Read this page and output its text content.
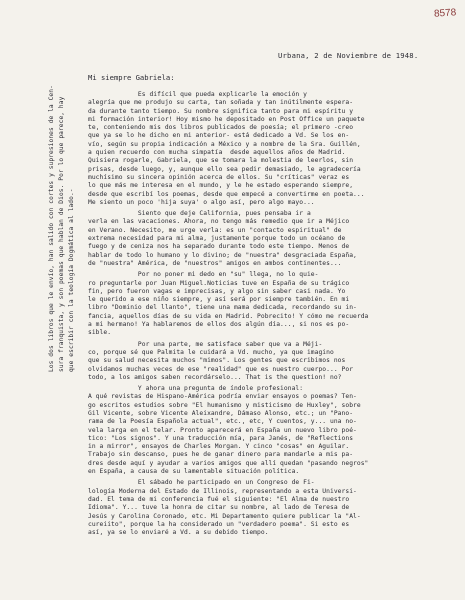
8578
Urbana, 2 de Noviembre de 1948.
Mi siempre Gabriela:
Los dos libros que le envío, han salido con cortes y supresiones de la Cen- sura franquista, y son poemas que hablan de Dios. Por lo que parece, hay que escribir con la teología Dogmática al lado.-
Es difícil que pueda explicarle la emoción y
alegría que me produjo su carta, tan soñada y tan inútilmente espera-
da durante tanto tiempo. Su nombre significa tanto para mi espíritu y
mi formación interior! Hoy mismo he depositado en Post Office un paquete
te, conteniendo mis dos libros publicados de poesía; el primero -creo
que ya se lo he dicho en mi anterior- está dedicado a Vd. Se los en-
vío, según su propia indicación a México y a nombre de la Sra. Guillén,
a quien recuerdo con mucha simpatía  desde aquellos años de Madrid.
Quisiera rogarle, Gabriela, que se tomara la molestia de leerlos, sin
prisas, desde luego, y, aunque ello sea pedir demasiado, le agradecería
muchísimo su sincera opinión acerca de ellos. Su "críticas" veraz es
lo que más me interesa en el mundo, y le he estado esperando siempre,
desde que escribí los poemas, desde que empecé a convertirme en poeta...
Me siento un poco 'hija suya' o algo así, pero algo mayo...
Siento que deje California, pues pensaba ir a
verla en las vacaciones. Ahora, no tengo más remedio que ir a Méjico
en Verano. Necesito, me urge verla: es un "contacto espiritual" de
extrema necesidad para mi alma, justamente porque todo un océano de
fuego y de ceniza nos ha separado durante todo este tiempo. Menos de
hablar de todo lo humano y lo divino; de "nuestra" desgraciada España,
de "nuestra" América, de "nuestros" amigos en ambos continentes...
Por no poner mi dedo en "su" llega, no lo quie-
ro preguntarle por Juan Miguel.Noticias tuve en España de su trágico
fin, pero fueron vagas e imprecisas, y algo sin saber casi nada. Yo
le querido a ese niño siempre, y así será por siempre también. En mi
libro "Dominio del llanto", tiene una mama dedicada, recordando su in-
fancia, aquellos días de su vida en Madrid. Pobrecito! Y cómo me recuerda
a mi hermano! Ya hablaremos de ellos dos algún día..., si nos es po-
sible.
Por una parte, me satisface saber que va a Méji-
co, porque sé que Palmita le cuidará a Vd. mucho, ya que imagino
que su salud necesita muchos "mimos". Los gentes que escribimos nos
olvidamos muchas veces de ese "realidad" que es nuestro cuerpo... Por
todo, a los amigos saben recordárselo... That is the question! no?
Y ahora una pregunta de índole profesional:
A qué revistas de Hispano-América podría enviar ensayos o poemas? Ten-
go escritos estudios sobre "El humanismo y misticismo de Huxley", sobre
Gil Vicente, sobre Vicente Aleixandre, Dámaso Alonso, etc.; un "Pano-
rama de la Poesía Española actual", etc., etc, Y cuentos, y... una no-
vela larga en el telar. Pronto aparecerá en España un nuevo libro poé-
tico: "Los signos". Y una traducción mía, para Janés, de "Reflections
in a mirror", ensayos de Charles Morgan. Y cinco "cosas" en Aguilar.
Trabajo sin descanso, pues he de ganar dinero para mandarle a mis pa-
dres desde aquí y ayudar a varios amigos que allí quedan "pasando negros"
en España, a causa de su lamentable situación política.
El sábado he participado en un Congreso de Fi-
lología Moderna del Estado de Illinois, representando a esta Universi-
dad. El tema de mi conferencia fué el siguiente: "El Alma de nuestro
Idioma". Y... tuve la honra de citar su nombre, al lado de Teresa de
Jesús y Carolina Coronado, etc. Mi Departamento quiere publicar la "Al-
cureiito", porque la ha considerado un "verdadero poema". Si esto es
así, ya se lo enviaré a Vd. a su debido tiempo.
